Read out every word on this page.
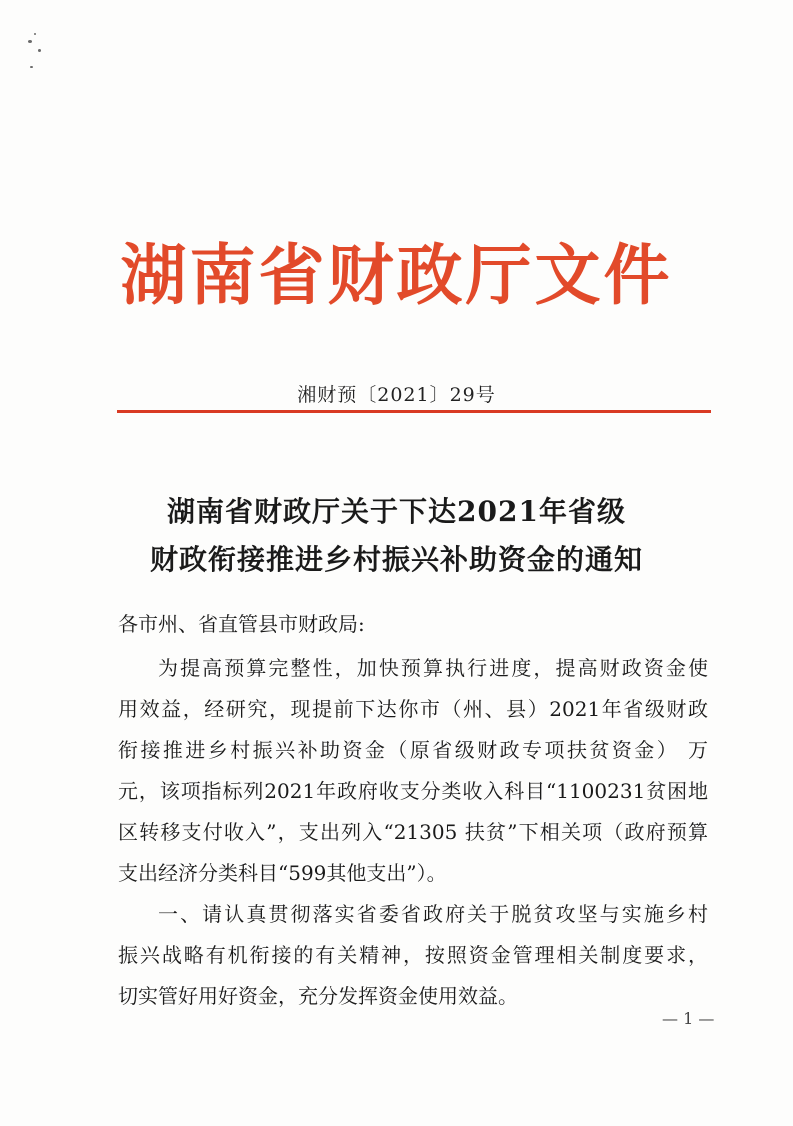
湖南省财政厅文件
湘财预〔2021〕29号
湖南省财政厅关于下达2021年省级
财政衔接推进乡村振兴补助资金的通知
各市州、省直管县市财政局:
为提高预算完整性，加快预算执行进度，提高财政资金使
用效益，经研究，现提前下达你市（州、县）2021年省级财政
衔接推进乡村振兴补助资金（原省级财政专项扶贫资金） 万
元，该项指标列2021年政府收支分类收入科目“1100231贫困地
区转移支付收入”，支出列入“21305 扶贫”下相关项（政府预算
支出经济分类科目“599其他支出”）。
一、请认真贯彻落实省委省政府关于脱贫攻坚与实施乡村
振兴战略有机衔接的有关精神，按照资金管理相关制度要求，
切实管好用好资金，充分发挥资金使用效益。
— 1 —
